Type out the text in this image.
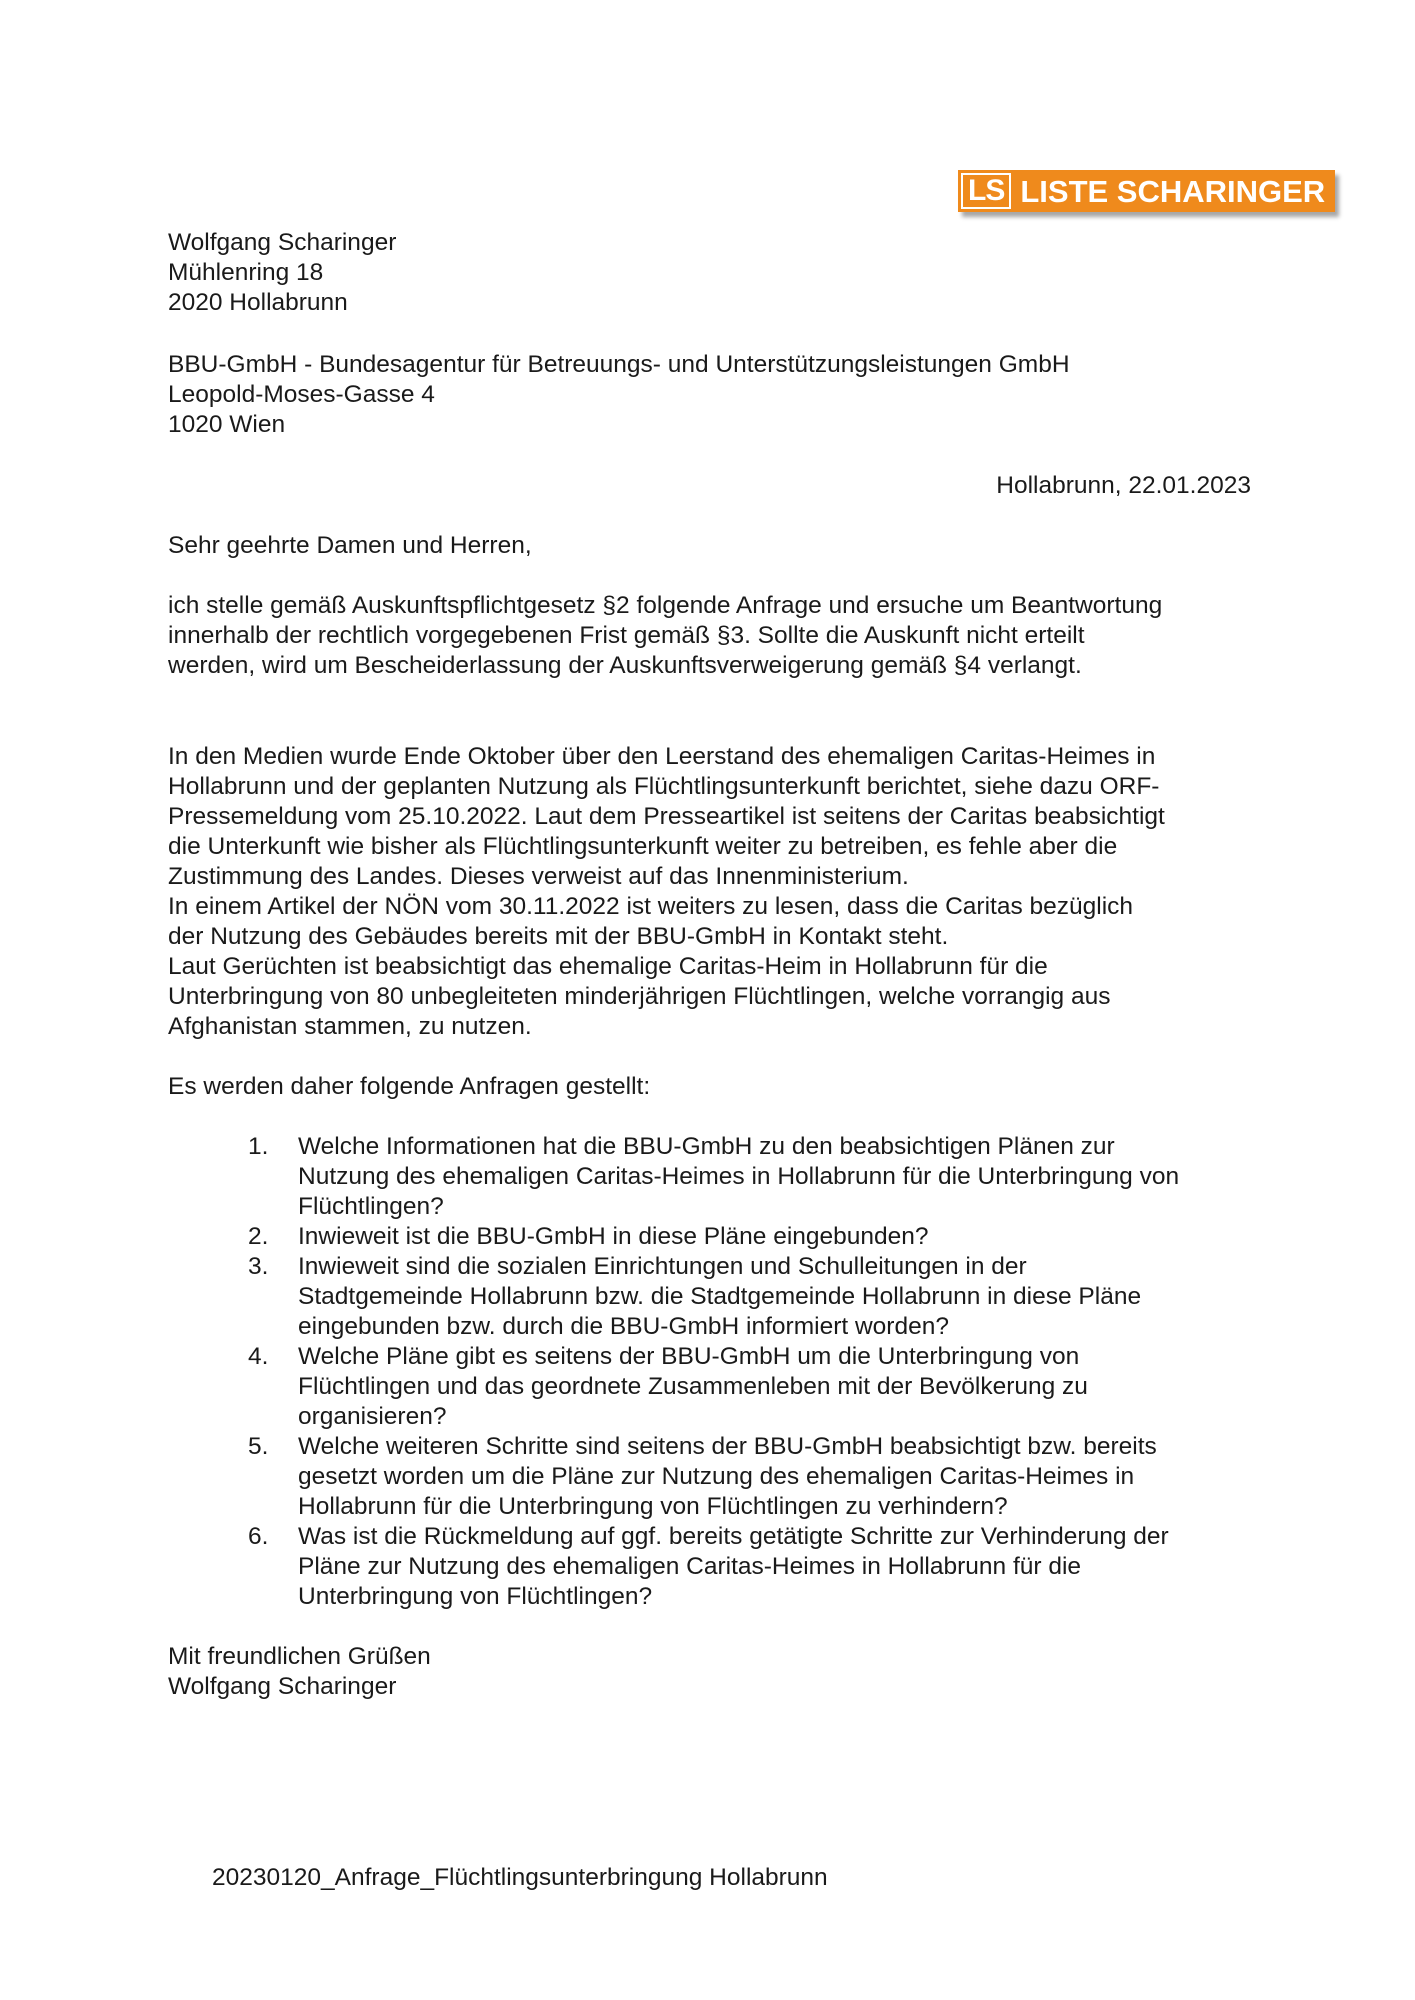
LS LISTE SCHARINGER
Wolfgang Scharinger
Mühlenring 18
2020 Hollabrunn
BBU-GmbH - Bundesagentur für Betreuungs- und Unterstützungsleistungen GmbH
Leopold-Moses-Gasse 4
1020 Wien
Hollabrunn, 22.01.2023
Sehr geehrte Damen und Herren,
ich stelle gemäß Auskunftspflichtgesetz §2 folgende Anfrage und ersuche um Beantwortung
innerhalb der rechtlich vorgegebenen Frist gemäß §3. Sollte die Auskunft nicht erteilt
werden, wird um Bescheiderlassung der Auskunftsverweigerung gemäß §4 verlangt.
In den Medien wurde Ende Oktober über den Leerstand des ehemaligen Caritas-Heimes in
Hollabrunn und der geplanten Nutzung als Flüchtlingsunterkunft berichtet, siehe dazu ORF-
Pressemeldung vom 25.10.2022. Laut dem Presseartikel ist seitens der Caritas beabsichtigt
die Unterkunft wie bisher als Flüchtlingsunterkunft weiter zu betreiben, es fehle aber die
Zustimmung des Landes. Dieses verweist auf das Innenministerium.
In einem Artikel der NÖN vom 30.11.2022 ist weiters zu lesen, dass die Caritas bezüglich
der Nutzung des Gebäudes bereits mit der BBU-GmbH in Kontakt steht.
Laut Gerüchten ist beabsichtigt das ehemalige Caritas-Heim in Hollabrunn für die
Unterbringung von 80 unbegleiteten minderjährigen Flüchtlingen, welche vorrangig aus
Afghanistan stammen, zu nutzen.
Es werden daher folgende Anfragen gestellt:
1. Welche Informationen hat die BBU-GmbH zu den beabsichtigen Plänen zur
Nutzung des ehemaligen Caritas-Heimes in Hollabrunn für die Unterbringung von
Flüchtlingen?
2. Inwieweit ist die BBU-GmbH in diese Pläne eingebunden?
3. Inwieweit sind die sozialen Einrichtungen und Schulleitungen in der
Stadtgemeinde Hollabrunn bzw. die Stadtgemeinde Hollabrunn in diese Pläne
eingebunden bzw. durch die BBU-GmbH informiert worden?
4. Welche Pläne gibt es seitens der BBU-GmbH um die Unterbringung von
Flüchtlingen und das geordnete Zusammenleben mit der Bevölkerung zu
organisieren?
5. Welche weiteren Schritte sind seitens der BBU-GmbH beabsichtigt bzw. bereits
gesetzt worden um die Pläne zur Nutzung des ehemaligen Caritas-Heimes in
Hollabrunn für die Unterbringung von Flüchtlingen zu verhindern?
6. Was ist die Rückmeldung auf ggf. bereits getätigte Schritte zur Verhinderung der
Pläne zur Nutzung des ehemaligen Caritas-Heimes in Hollabrunn für die
Unterbringung von Flüchtlingen?
Mit freundlichen Grüßen
Wolfgang Scharinger
20230120_Anfrage_Flüchtlingsunterbringung Hollabrunn
